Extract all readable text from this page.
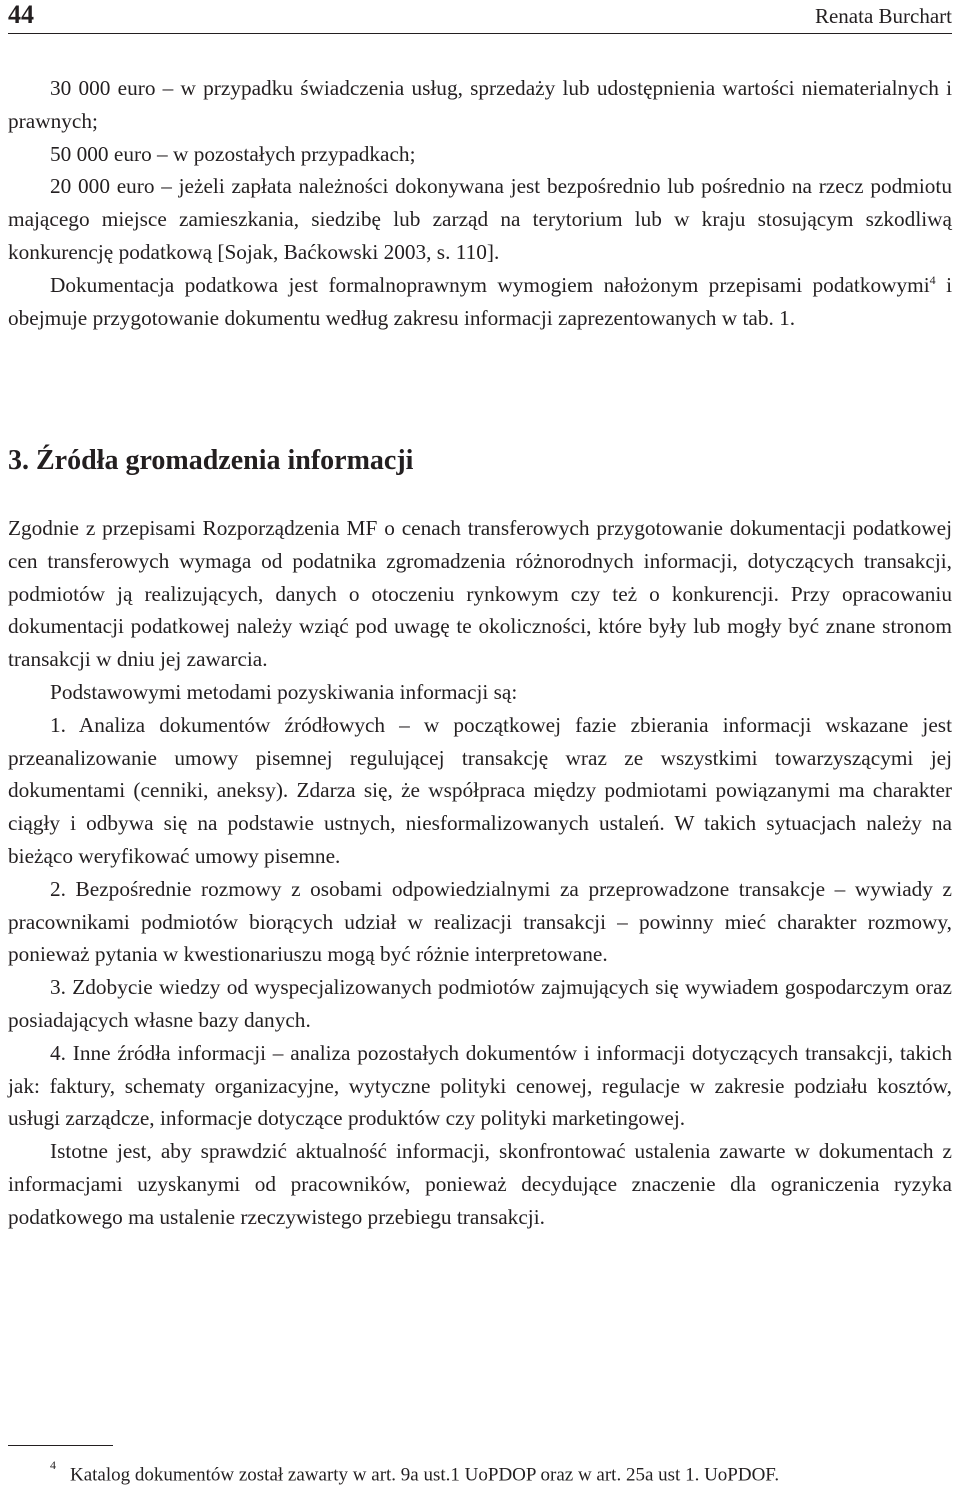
44	Renata Burchart

30 000 euro – w przypadku świadczenia usług, sprzedaży lub udostępnienia wartości niematerialnych i prawnych;

50 000 euro – w pozostałych przypadkach;

20 000 euro – jeżeli zapłata należności dokonywana jest bezpośrednio lub pośrednio na rzecz podmiotu mającego miejsce zamieszkania, siedzibę lub zarząd na terytorium lub w kraju stosującym szkodliwą konkurencję podatkową [Sojak, Baćkowski 2003, s. 110].

Dokumentacja podatkowa jest formalnoprawnym wymogiem nałożonym przepisami podatkowymi$^4$ i obejmuje przygotowanie dokumentu według zakresu informacji zaprezentowanych w tab. 1.

3. Źródła gromadzenia informacji

Zgodnie z przepisami Rozporządzenia MF o cenach transferowych przygotowanie dokumentacji podatkowej cen transferowych wymaga od podatnika zgromadzenia różnorodnych informacji, dotyczących transakcji, podmiotów ją realizujących, danych o otoczeniu rynkowym czy też o konkurencji. Przy opracowaniu dokumentacji podatkowej należy wziąć pod uwagę te okoliczności, które były lub mogły być znane stronom transakcji w dniu jej zawarcia.

Podstawowymi metodami pozyskiwania informacji są:

1. Analiza dokumentów źródłowych – w początkowej fazie zbierania informacji wskazane jest przeanalizowanie umowy pisemnej regulującej transakcję wraz ze wszystkimi towarzyszącymi jej dokumentami (cenniki, aneksy). Zdarza się, że współpraca między podmiotami powiązanymi ma charakter ciągły i odbywa się na podstawie ustnych, niesformalizowanych ustaleń. W takich sytuacjach należy na bieżąco weryfikować umowy pisemne.

2. Bezpośrednie rozmowy z osobami odpowiedzialnymi za przeprowadzone transakcje – wywiady z pracownikami podmiotów biorących udział w realizacji transakcji – powinny mieć charakter rozmowy, ponieważ pytania w kwestionariuszu mogą być różnie interpretowane.

3. Zdobycie wiedzy od wyspecjalizowanych podmiotów zajmujących się wywiadem gospodarczym oraz posiadających własne bazy danych.

4. Inne źródła informacji – analiza pozostałych dokumentów i informacji dotyczących transakcji, takich jak: faktury, schematy organizacyjne, wytyczne polityki cenowej, regulacje w zakresie podziału kosztów, usługi zarządcze, informacje dotyczące produktów czy polityki marketingowej.

Istotne jest, aby sprawdzić aktualność informacji, skonfrontować ustalenia zawarte w dokumentach z informacjami uzyskanymi od pracowników, ponieważ decydujące znaczenie dla ograniczenia ryzyka podatkowego ma ustalenie rzeczywistego przebiegu transakcji.

$^4$ Katalog dokumentów został zawarty w art. 9a ust.1 UoPDOP oraz w art. 25a ust 1. UoPDOF.
